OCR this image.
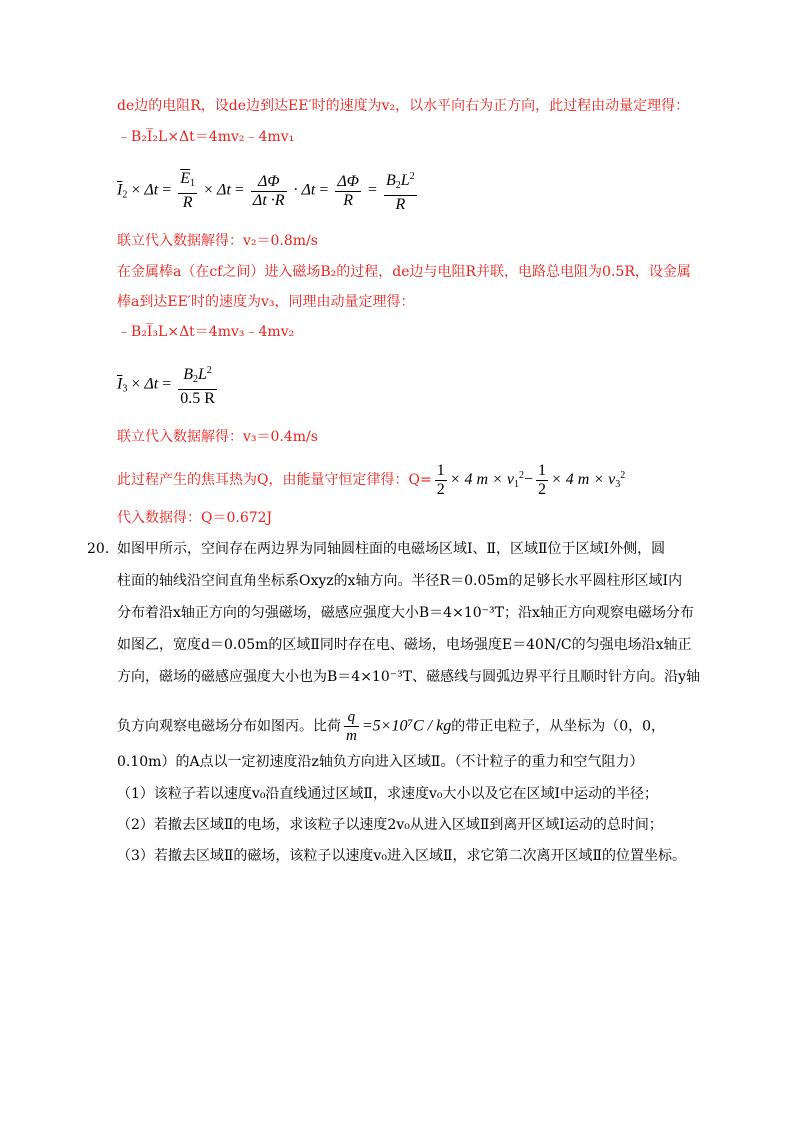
de边的电阻R，设de边到达EE′时的速度为v₂，以水平向右为正方向，此过程由动量定理得：
﹣B₂I̅₂L×Δt＝4mv₂﹣4mv₁
$\overline{I}_2 \times \Delta t = \frac{\overline{E}_1}{R} \times \Delta t = \frac{\Delta\Phi}{\Delta t \cdot R} \cdot \Delta t = \frac{\Delta\Phi}{R} = \frac{B_2L^2}{R}$
联立代入数据解得：v₂＝0.8m/s
在金属棒a（在cf之间）进入磁场B₂的过程，de边与电阻R并联，电路总电阻为0.5R，设金属
棒a到达EE′时的速度为v₃，同理由动量定理得：
﹣B₂I̅₃L×Δt＝4mv₃﹣4mv₂
$\overline{I}_3 \times \Delta t = \frac{B_2L^2}{0.5 R}$
联立代入数据解得：v₃＝0.4m/s
此过程产生的焦耳热为Q，由能量守恒定律得：$Q= \frac{1}{2} \times 4$ $m \times v_1^2- \frac{1}{2} \times 4$ $m \times v_3^2$
代入数据得：Q＝0.672J
20. 如图甲所示，空间存在两边界为同轴圆柱面的电磁场区域Ⅰ、Ⅱ，区域Ⅱ位于区域Ⅰ外侧，圆
柱面的轴线沿空间直角坐标系Oxyz的x轴方向。半径R＝0.05m的足够长水平圆柱形区域Ⅰ内
分布着沿x轴正方向的匀强磁场，磁感应强度大小B＝4×10⁻³T；沿x轴正方向观察电磁场分布
如图乙，宽度d＝0.05m的区域Ⅱ同时存在电、磁场，电场强度E＝40N/C的匀强电场沿x轴正
方向，磁场的磁感应强度大小也为B＝4×10⁻³T、磁感线与圆弧边界平行且顺时针方向。沿y轴
负方向观察电磁场分布如图丙。比荷 $\frac{q}{m} =5\times 10^7C$ / kg的带正电粒子，从坐标为（0，0，
0.10m）的A点以一定初速度沿z轴负方向进入区域Ⅱ。（不计粒子的重力和空气阻力）
（1）该粒子若以速度v₀沿直线通过区域Ⅱ，求速度v₀大小以及它在区域Ⅰ中运动的半径；
（2）若撤去区域Ⅱ的电场，求该粒子以速度2v₀从进入区域Ⅱ到离开区域Ⅰ运动的总时间；
（3）若撤去区域Ⅱ的磁场，该粒子以速度v₀进入区域Ⅱ，求它第二次离开区域Ⅱ的位置坐标。
